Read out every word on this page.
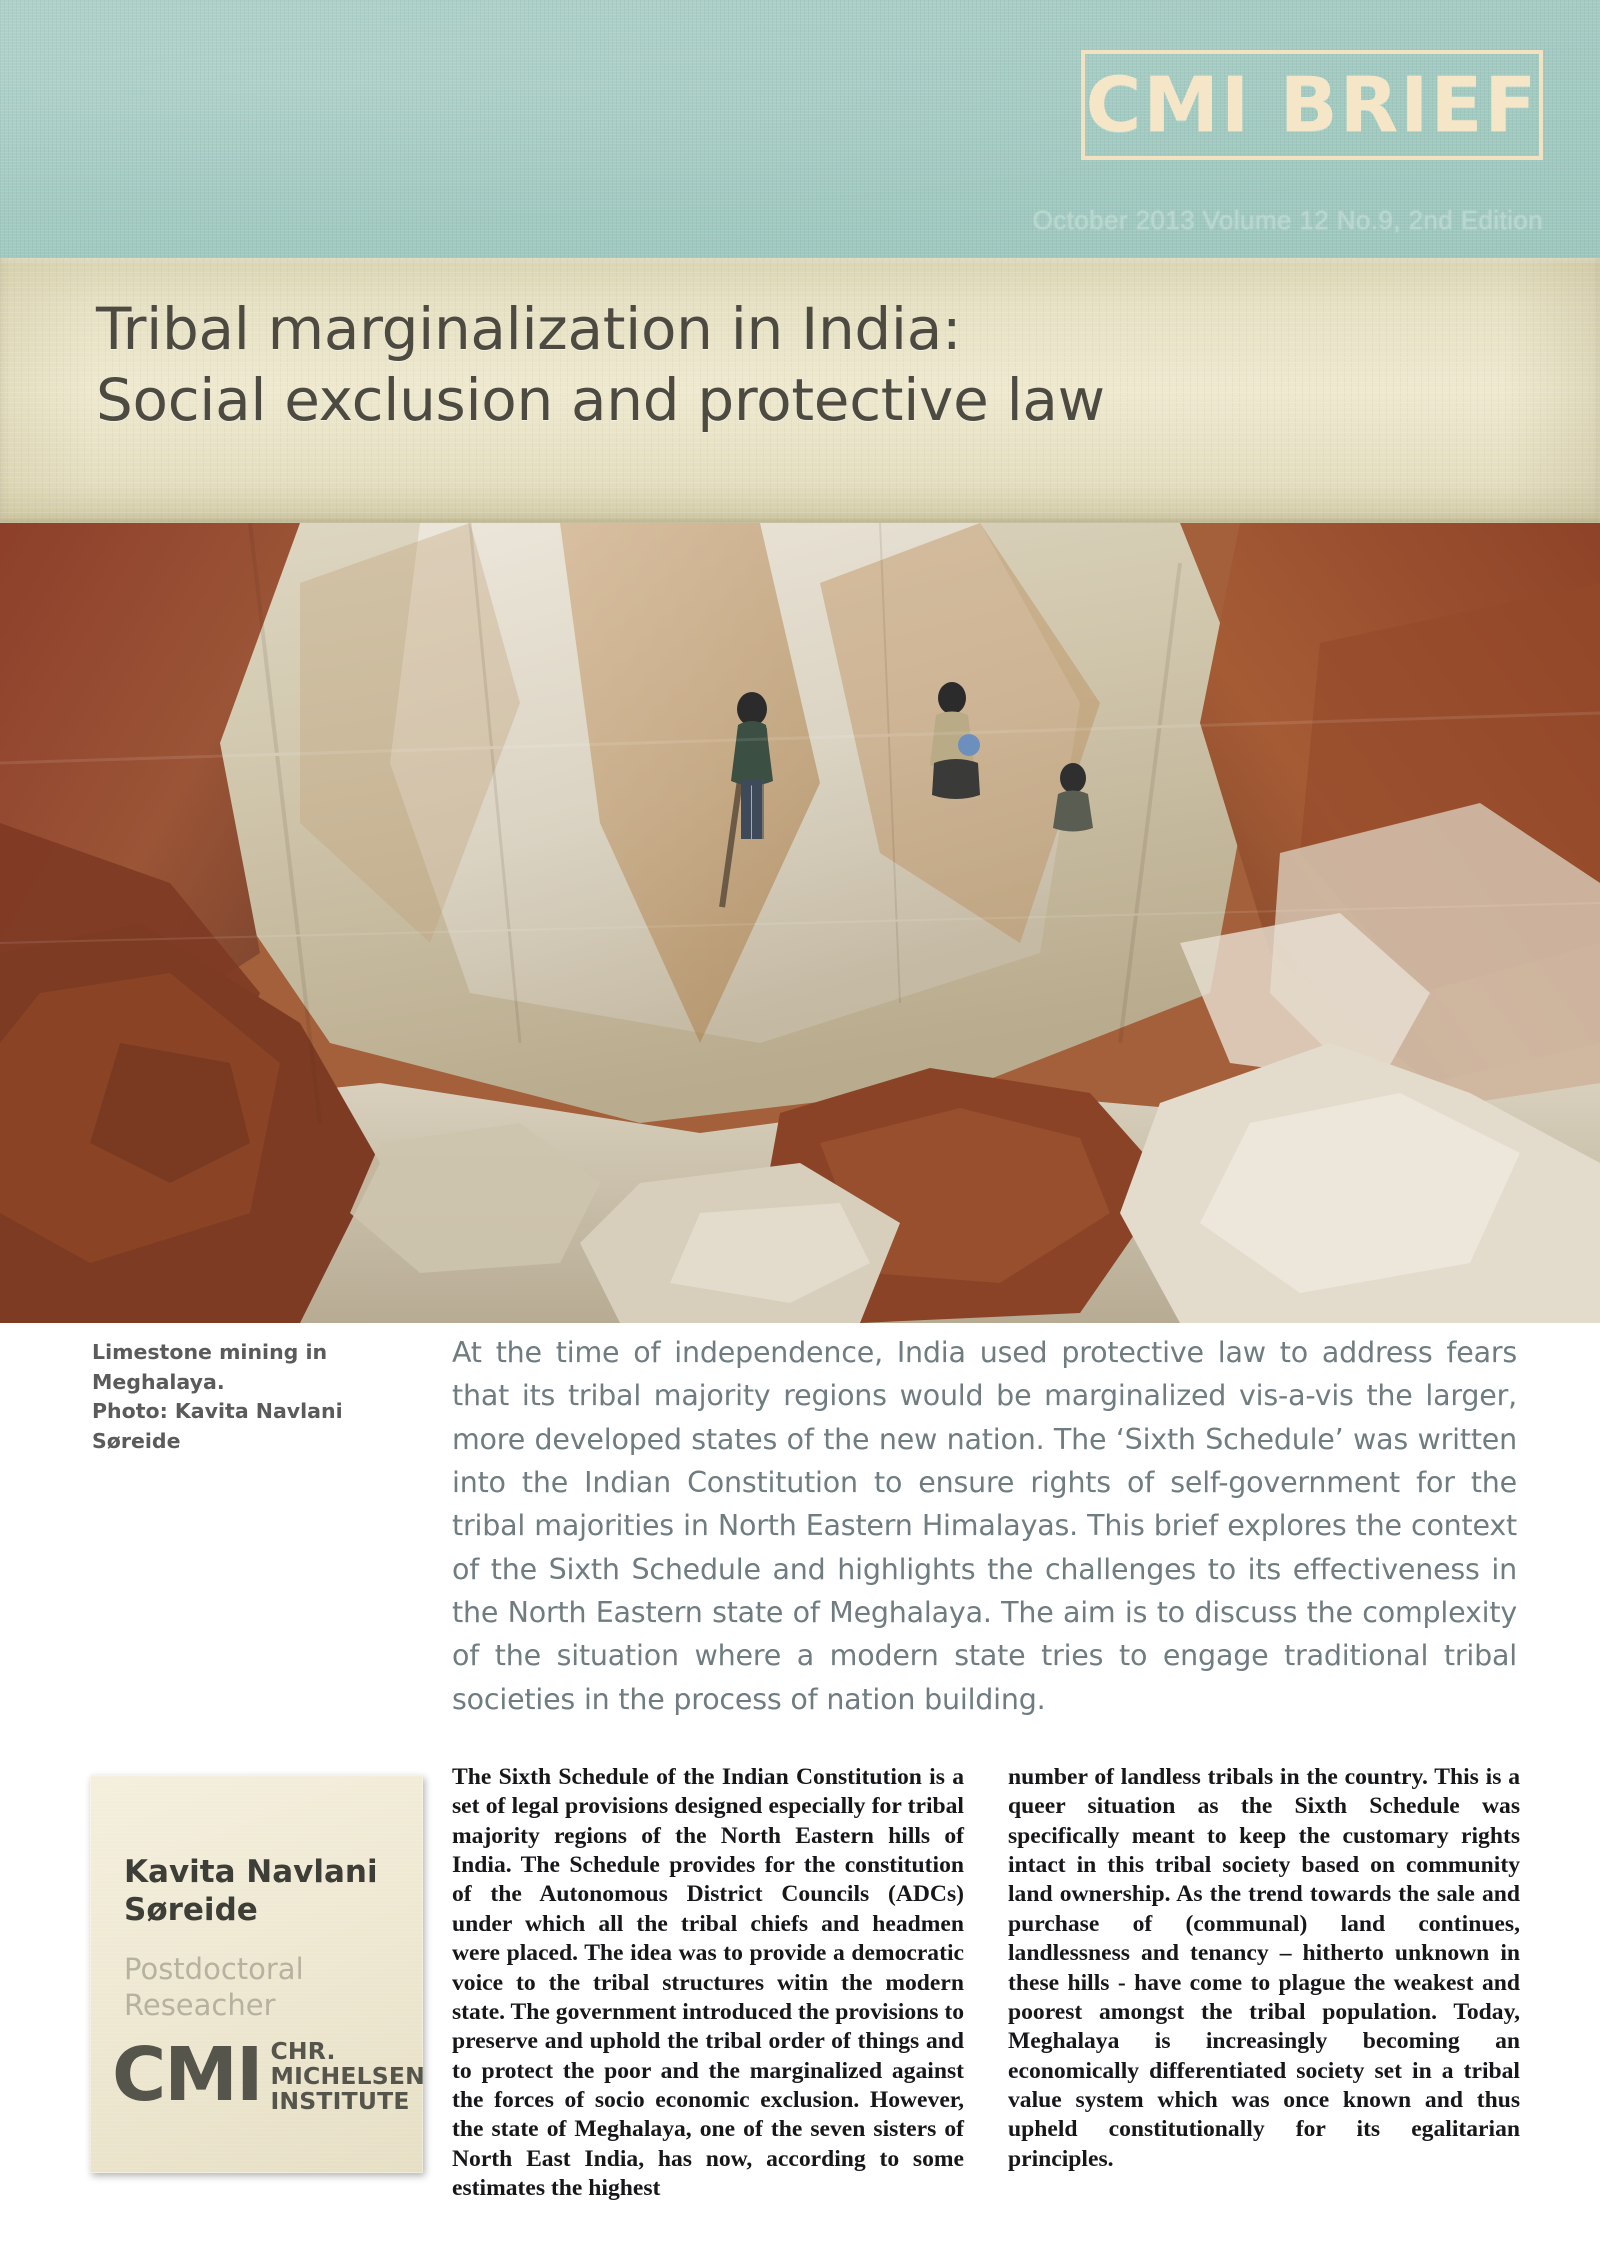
CMI BRIEF
October 2013 Volume 12 No.9, 2nd Edition
Tribal marginalization in India:
Social exclusion and protective law
Limestone mining in Meghalaya.
Photo: Kavita Navlani Søreide
At the time of independence, India used protective law to address fears that its tribal majority regions would be marginalized vis-a-vis the larger, more developed states of the new nation. The ‘Sixth Schedule’ was written into the Indian Constitution to ensure rights of self-government for the tribal majorities in North Eastern Himalayas. This brief explores the context of the Sixth Schedule and highlights the challenges to its effectiveness in the North Eastern state of Meghalaya. The aim is to discuss the complexity of the situation where a modern state tries to engage traditional tribal societies in the process of nation building.
Kavita Navlani
Søreide
Postdoctoral
Reseacher
CMI CHR.
MICHELSEN
INSTITUTE
The Sixth Schedule of the Indian Constitution is a set of legal provisions designed especially for tribal majority regions of the North Eastern hills of India. The Schedule provides for the constitution of the Autonomous District Councils (ADCs) under which all the tribal chiefs and headmen were placed. The idea was to provide a democratic voice to the tribal structures witin the modern state. The government introduced the provisions to preserve and uphold the tribal order of things and to protect the poor and the marginalized against the forces of socio economic exclusion. However, the state of Meghalaya, one of the seven sisters of North East India, has now, according to some estimates the highest
number of landless tribals in the country. This is a queer situation as the Sixth Schedule was specifically meant to keep the customary rights intact in this tribal society based on community land ownership. As the trend towards the sale and purchase of (communal) land continues, landlessness and tenancy – hitherto unknown in these hills - have come to plague the weakest and poorest amongst the tribal population. Today, Meghalaya is increasingly becoming an economically differentiated society set in a tribal value system which was once known and thus upheld constitutionally for its egalitarian principles.
